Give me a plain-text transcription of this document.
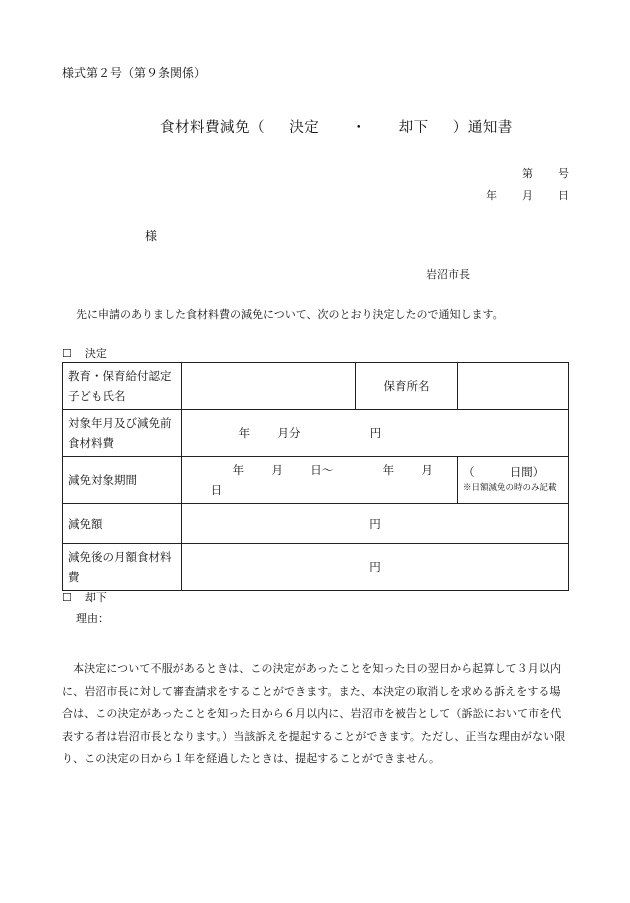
様式第２号（第９条関係）
食材料費減免（ 決定 ・ 却下 ）通知書
第 号
年 月 日
様
岩沼市長
先に申請のありました食材料費の減免について、次のとおり決定したので通知します。
☐ 決定
教育・保育給付認定子ども氏名		保育所名	
対象年月及び減免前食材料費	年 月分 円		
減免対象期間	年 月 日～ 年 月  日		（ 日間）
※日額減免の時のみ記載

減免額	円		
減免後の月額食材料費	円		
☐ 却下
理由：
本決定について不服があるときは、この決定があったことを知った日の翌日から起算して３月以内に、岩沼市長に対して審査請求をすることができます。また、本決定の取消しを求める訴えをする場合は、この決定があったことを知った日から６月以内に、岩沼市を被告として（訴訟において市を代表する者は岩沼市長となります。）当該訴えを提起することができます。ただし、正当な理由がない限り、この決定の日から１年を経過したときは、提起することができません。
